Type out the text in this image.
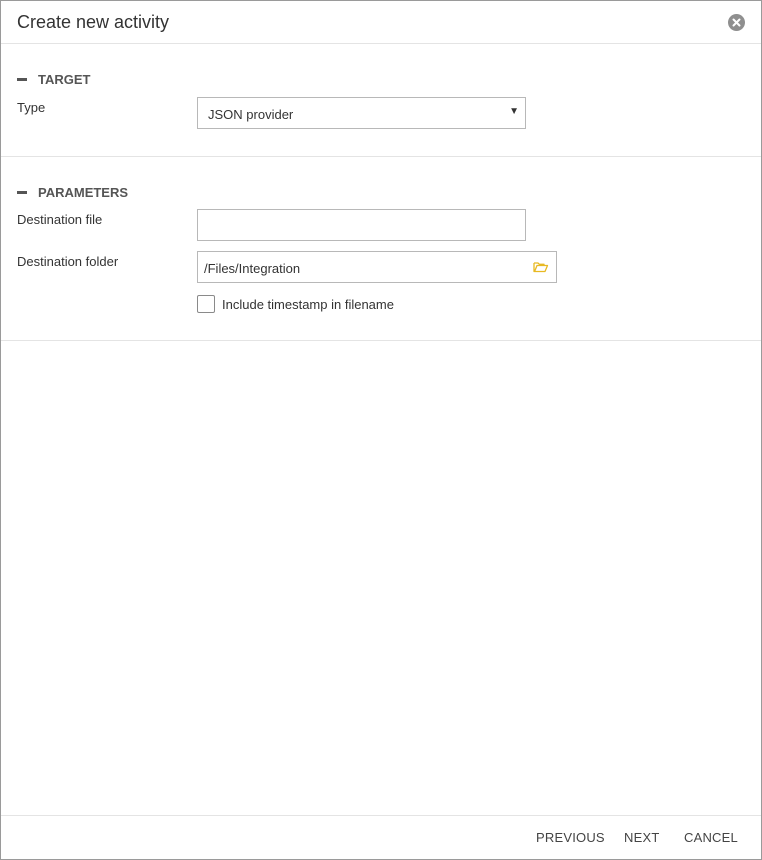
Create new activity
TARGET
Type	JSON provider	▼
PARAMETERS
Destination file
Destination folder	/Files/Integration
Include timestamp in filename
PREVIOUS NEXT CANCEL
